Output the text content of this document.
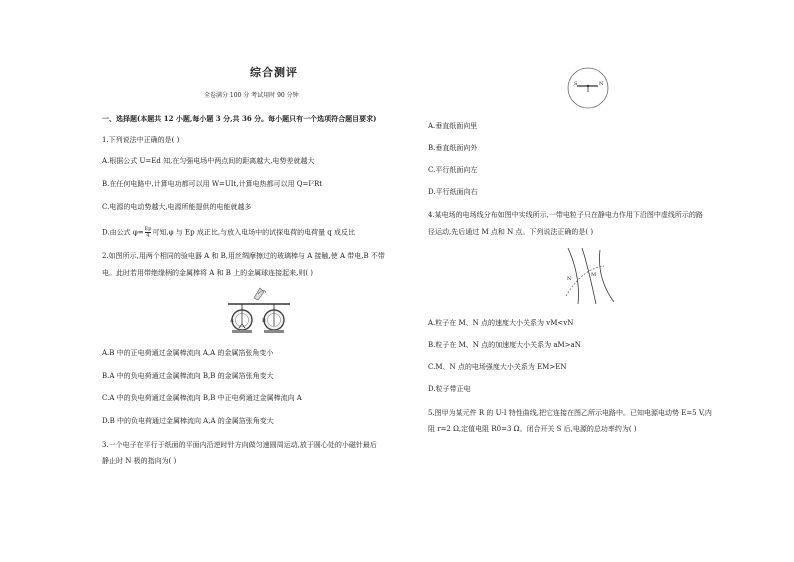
综合测评
全卷满分 100 分 考试用时 90 分钟
一、选择题(本题共 12 小题,每小题 3 分,共 36 分。每小题只有一个选项符合题目要求)
1.下列说法中正确的是( )
A.根据公式 U=Ed 知,在匀强电场中两点间的距离越大,电势差就越大
B.在任何电路中,计算电功都可以用 W=UIt,计算电热都可以用 Q=I²Rt
C.电源的电动势越大,电源所能提供的电能就越多
D.由公式 $\varphi= \frac{Ep}{q}$ 可知,φ 与 Ep 成正比,与放入电场中的试探电荷的电荷量 q 成反比
2.如图所示,用两个相同的验电器 A 和 B,用丝绸摩擦过的玻璃棒与 A 接触,使 A 带电,B 不带
电。此时若用带绝缘柄的金属棒将 A 和 B 上的金属球连接起来,则( )
A	B
A.B 中的正电荷通过金属棒流向 A,A 的金属箔张角变小
B.A 中的负电荷通过金属棒流向 B,B 的金属箔张角变大
C.A 中的负电荷通过金属棒流向 B,B 中正电荷通过金属棒流向 A
D.B 中的负电荷通过金属棒流向 A,A 的金属箔张角变大
3.一个电子在平行于纸面的平面内沿逆时针方向做匀速圆周运动,放于圆心处的小磁针最后
静止时 N 极的指向为( )
S	N
A.垂直纸面向里
B.垂直纸面向外
C.平行纸面向左
D.平行纸面向右
4.某电场的电场线分布如图中实线所示,一带电粒子只在静电力作用下沿图中虚线所示的路
径运动,先后通过 M 点和 N 点。下列说法正确的是( )
N
M
A.粒子在 M、N 点的速度大小关系为 vM<vN
B.粒子在 M、N 点的加速度大小关系为 aM>aN
C.M、N 点的电场强度大小关系为 EM>EN
D.粒子带正电
5.图甲为某元件 R 的 U-I 特性曲线,把它连接在图乙所示电路中。已知电源电动势 E=5 V,内
阻 r=2 Ω,定值电阻 R0=3 Ω。闭合开关 S 后,电源的总功率约为( )
